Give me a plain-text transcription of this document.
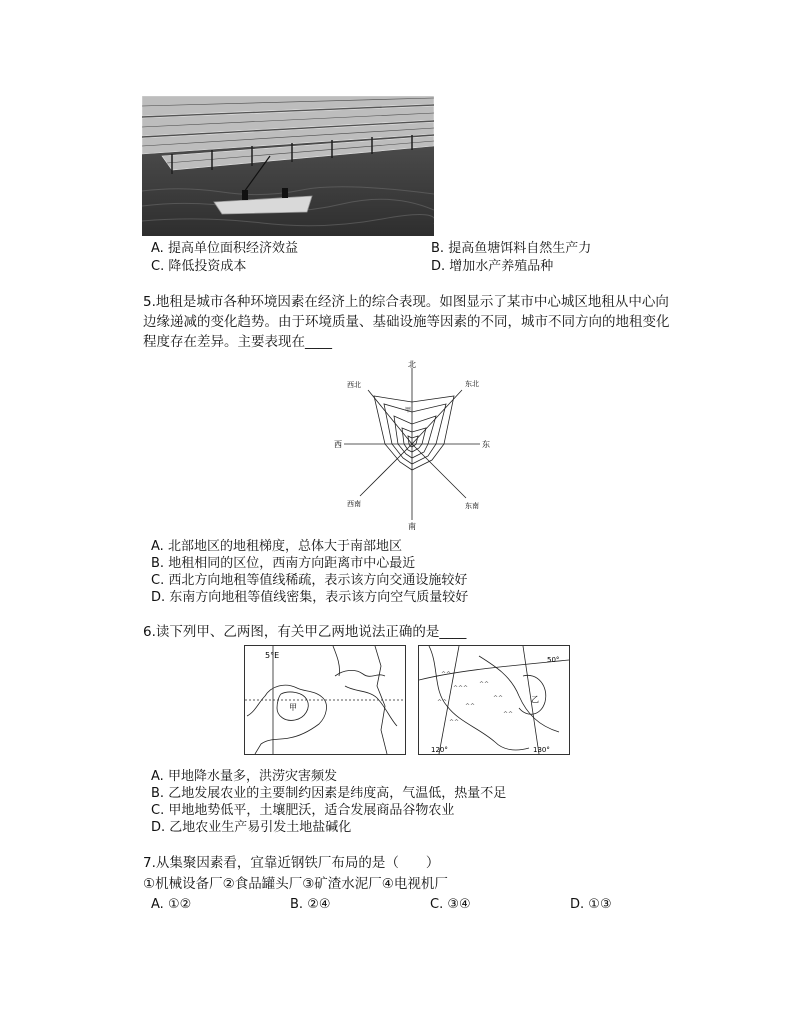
A. 提高单位面积经济效益	B. 提高鱼塘饵料自然生产力
C. 降低投资成本	D. 增加水产养殖品种
5.地租是城市各种环境因素在经济上的综合表现。如图显示了某市中心城区地租从中心向
边缘递减的变化趋势。由于环境质量、基础设施等因素的不同，城市不同方向的地租变化
程度存在差异。主要表现在____
北
南
东
西
东北
西北
东南
西南
甲
A. 北部地区的地租梯度，总体大于南部地区
B. 地租相同的区位，西南方向距离市中心最近
C. 西北方向地租等值线稀疏，表示该方向交通设施较好
D. 东南方向地租等值线密集，表示该方向空气质量较好
6.读下列甲、乙两图，有关甲乙两地说法正确的是____
5°E
甲
^^
^^^
^^
^^
^^
^^
^^
^^
50°
120°	130°
乙
A. 甲地降水量多，洪涝灾害频发
B. 乙地发展农业的主要制约因素是纬度高，气温低，热量不足
C. 甲地地势低平，土壤肥沃，适合发展商品谷物农业
D. 乙地农业生产易引发土地盐碱化
7.从集聚因素看，宜靠近钢铁厂布局的是（　　）
①机械设备厂②食品罐头厂③矿渣水泥厂④电视机厂
A. ①②	B. ②④	C. ③④	D. ①③
